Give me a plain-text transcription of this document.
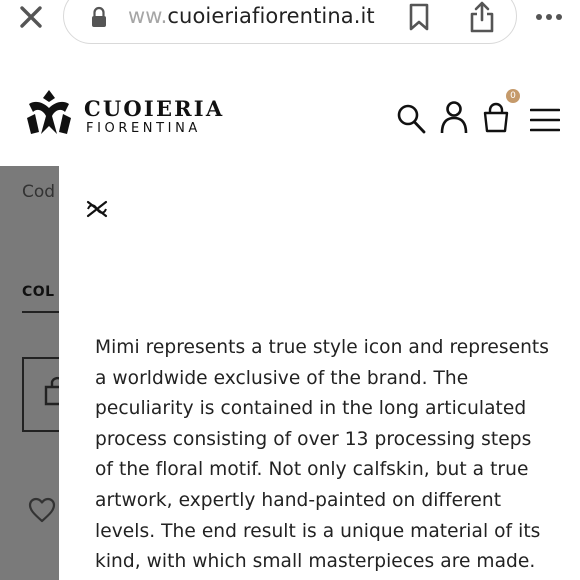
ww.cuoieriafiorentina.it
CUOIERIA
FIORENTINA
0
Cod
COL
Mimi represents a true style icon and represents a worldwide exclusive of the brand. The peculiarity is contained in the long articulated process consisting of over 13 processing steps of the floral motif. Not only calfskin, but a true artwork, expertly hand-painted on different levels. The end result is a unique material of its kind, with which small masterpieces are made.
